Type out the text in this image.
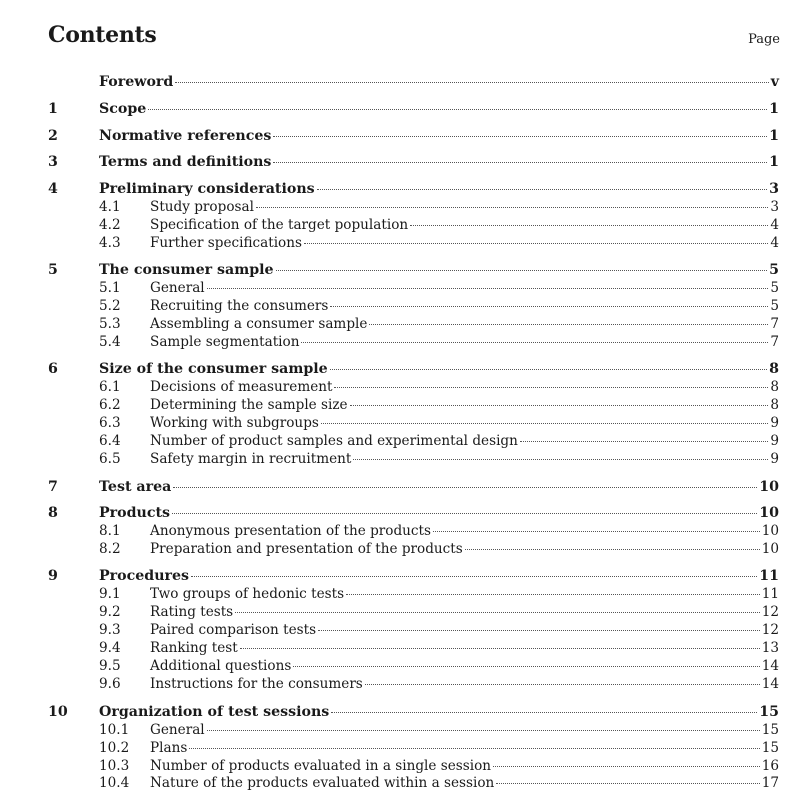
Contents	Page
Foreword	v
1	Scope	1
2	Normative references	1
3	Terms and definitions	1
4	Preliminary considerations	3
4.1	Study proposal	3
4.2	Specification of the target population	4
4.3	Further specifications	4
5	The consumer sample	5
5.1	General	5
5.2	Recruiting the consumers	5
5.3	Assembling a consumer sample	7
5.4	Sample segmentation	7
6	Size of the consumer sample	8
6.1	Decisions of measurement	8
6.2	Determining the sample size	8
6.3	Working with subgroups	9
6.4	Number of product samples and experimental design	9
6.5	Safety margin in recruitment	9
7	Test area	10
8	Products	10
8.1	Anonymous presentation of the products	10
8.2	Preparation and presentation of the products	10
9	Procedures	11
9.1	Two groups of hedonic tests	11
9.2	Rating tests	12
9.3	Paired comparison tests	12
9.4	Ranking test	13
9.5	Additional questions	14
9.6	Instructions for the consumers	14
10	Organization of test sessions	15
10.1	General	15
10.2	Plans	15
10.3	Number of products evaluated in a single session	16
10.4	Nature of the products evaluated within a session	17
